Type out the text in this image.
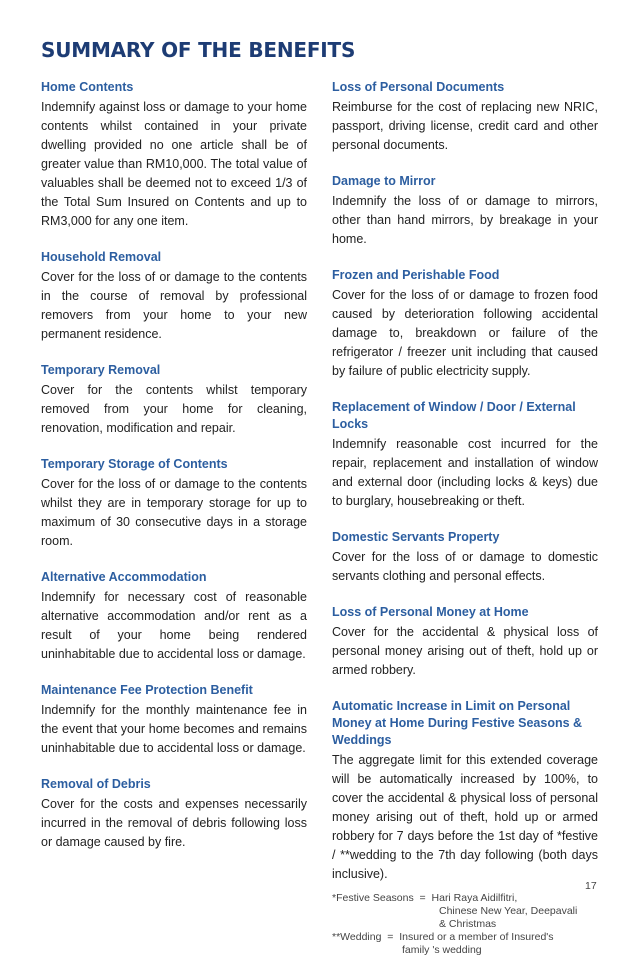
SUMMARY OF THE BENEFITS
Home Contents
Indemnify against loss or damage to your home contents whilst contained in your private dwelling provided no one article shall be of greater value than RM10,000. The total value of valuables shall be deemed not to exceed 1/3 of the Total Sum Insured on Contents and up to RM3,000 for any one item.
Household Removal
Cover for the loss of or damage to the contents in the course of removal by professional removers from your home to your new permanent residence.
Temporary Removal
Cover for the contents whilst temporary removed from your home for cleaning, renovation, modification and repair.
Temporary Storage of Contents
Cover for the loss of or damage to the contents whilst they are in temporary storage for up to maximum of 30 consecutive days in a storage room.
Alternative Accommodation
Indemnify for necessary cost of reasonable alternative accommodation and/or rent as a result of your home being rendered uninhabitable due to accidental loss or damage.
Maintenance Fee Protection Benefit
Indemnify for the monthly maintenance fee in the event that your home becomes and remains uninhabitable due to accidental loss or damage.
Removal of Debris
Cover for the costs and expenses necessarily incurred in the removal of debris following loss or damage caused by fire.
Loss of Personal Documents
Reimburse for the cost of replacing new NRIC, passport, driving license, credit card and other personal documents.
Damage to Mirror
Indemnify the loss of or damage to mirrors, other than hand mirrors, by breakage in your home.
Frozen and Perishable Food
Cover for the loss of or damage to frozen food caused by deterioration following accidental damage to, breakdown or failure of the refrigerator / freezer unit including that caused by failure of public electricity supply.
Replacement of Window / Door / External Locks
Indemnify reasonable cost incurred for the repair, replacement and installation of window and external door (including locks & keys) due to burglary, housebreaking or theft.
Domestic Servants Property
Cover for the loss of or damage to domestic servants clothing and personal effects.
Loss of Personal Money at Home
Cover for the accidental & physical loss of personal money arising out of theft, hold up or armed robbery.
Automatic Increase in Limit on Personal Money at Home During Festive Seasons & Weddings
The aggregate limit for this extended coverage will be automatically increased by 100%, to cover the accidental & physical loss of personal money arising out of theft, hold up or armed robbery for 7 days before the 1st day of *festive / **wedding to the 7th day following (both days inclusive).
*Festive Seasons  = Hari Raya Aidilfitri,
Chinese New Year, Deepavali
& Christmas
**Wedding  = Insured or a member of Insured's
family 's wedding
17
